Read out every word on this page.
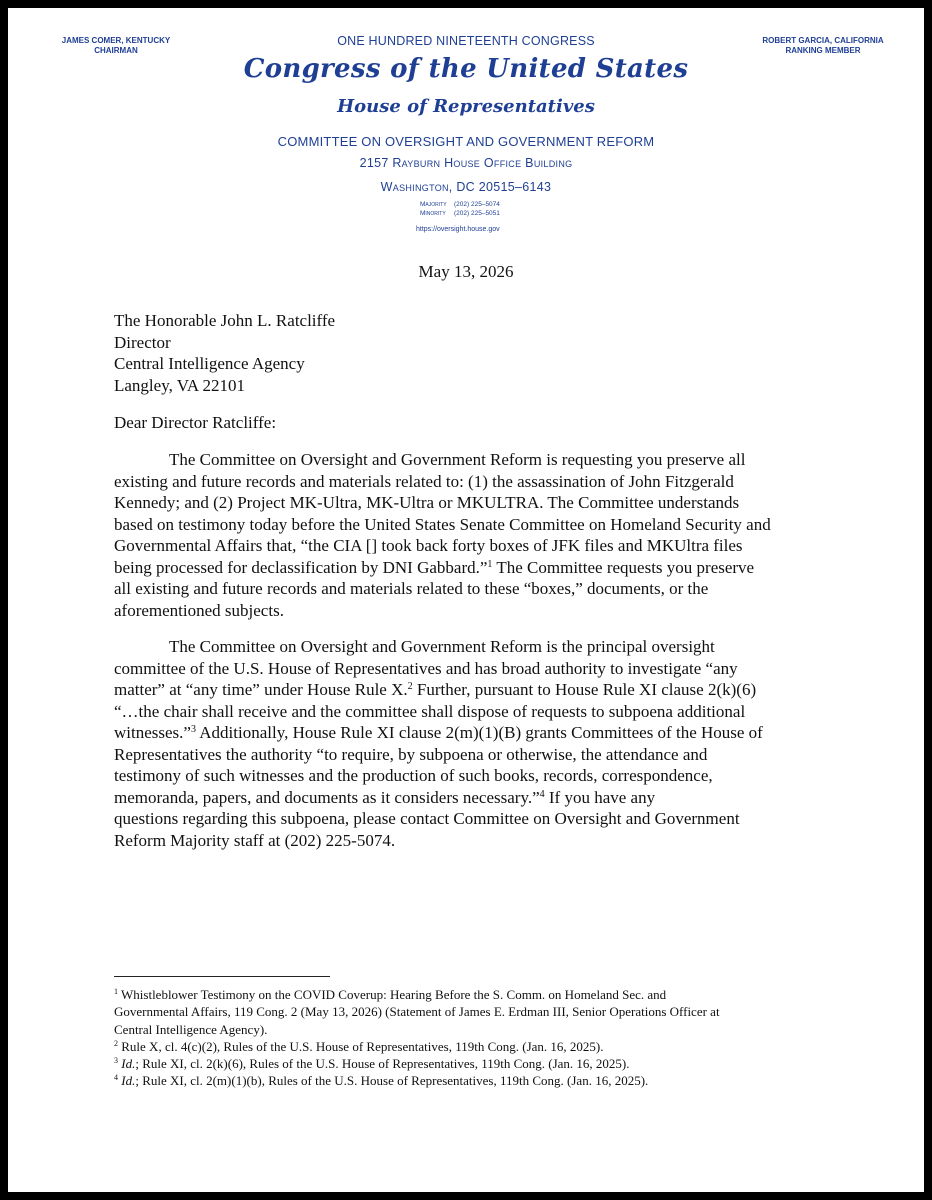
JAMES COMER, KENTUCKY
CHAIRMAN
ROBERT GARCIA, CALIFORNIA
RANKING MEMBER
ONE HUNDRED NINETEENTH CONGRESS
Congress of the United States
House of Representatives
COMMITTEE ON OVERSIGHT AND GOVERNMENT REFORM
2157 Rayburn House Office Building
Washington, DC 20515–6143
Majority (202) 225–5074
Minority (202) 225–5051
https://oversight.house.gov
May 13, 2026
The Honorable John L. Ratcliffe
Director
Central Intelligence Agency
Langley, VA 22101
Dear Director Ratcliffe:
The Committee on Oversight and Government Reform is requesting you preserve all
existing and future records and materials related to: (1) the assassination of John Fitzgerald
Kennedy; and (2) Project MK-Ultra, MK-Ultra or MKULTRA. The Committee understands
based on testimony today before the United States Senate Committee on Homeland Security and
Governmental Affairs that, “the CIA [] took back forty boxes of JFK files and MKUltra files
being processed for declassification by DNI Gabbard.”$^1$ The Committee requests you preserve
all existing and future records and materials related to these “boxes,” documents, or the
aforementioned subjects.
The Committee on Oversight and Government Reform is the principal oversight
committee of the U.S. House of Representatives and has broad authority to investigate “any
matter” at “any time” under House Rule X.$^2$ Further, pursuant to House Rule XI clause 2(k)(6)
“…the chair shall receive and the committee shall dispose of requests to subpoena additional
witnesses.”$^3$ Additionally, House Rule XI clause 2(m)(1)(B) grants Committees of the House of
Representatives the authority “to require, by subpoena or otherwise, the attendance and
testimony of such witnesses and the production of such books, records, correspondence,
memoranda, papers, and documents as it considers necessary.”$^4$ If you have any
questions regarding this subpoena, please contact Committee on Oversight and Government
Reform Majority staff at (202) 225-5074.
$^1$ Whistleblower Testimony on the COVID Coverup: Hearing Before the S. Comm. on Homeland Sec. and
Governmental Affairs, 119 Cong. 2 (May 13, 2026) (Statement of James E. Erdman III, Senior Operations Officer at
Central Intelligence Agency).
$^2$ Rule X, cl. 4(c)(2), Rules of the U.S. House of Representatives, 119th Cong. (Jan. 16, 2025).
$^3$ Id.; Rule XI, cl. 2(k)(6), Rules of the U.S. House of Representatives, 119th Cong. (Jan. 16, 2025).
$^4$ Id.; Rule XI, cl. 2(m)(1)(b), Rules of the U.S. House of Representatives, 119th Cong. (Jan. 16, 2025).
